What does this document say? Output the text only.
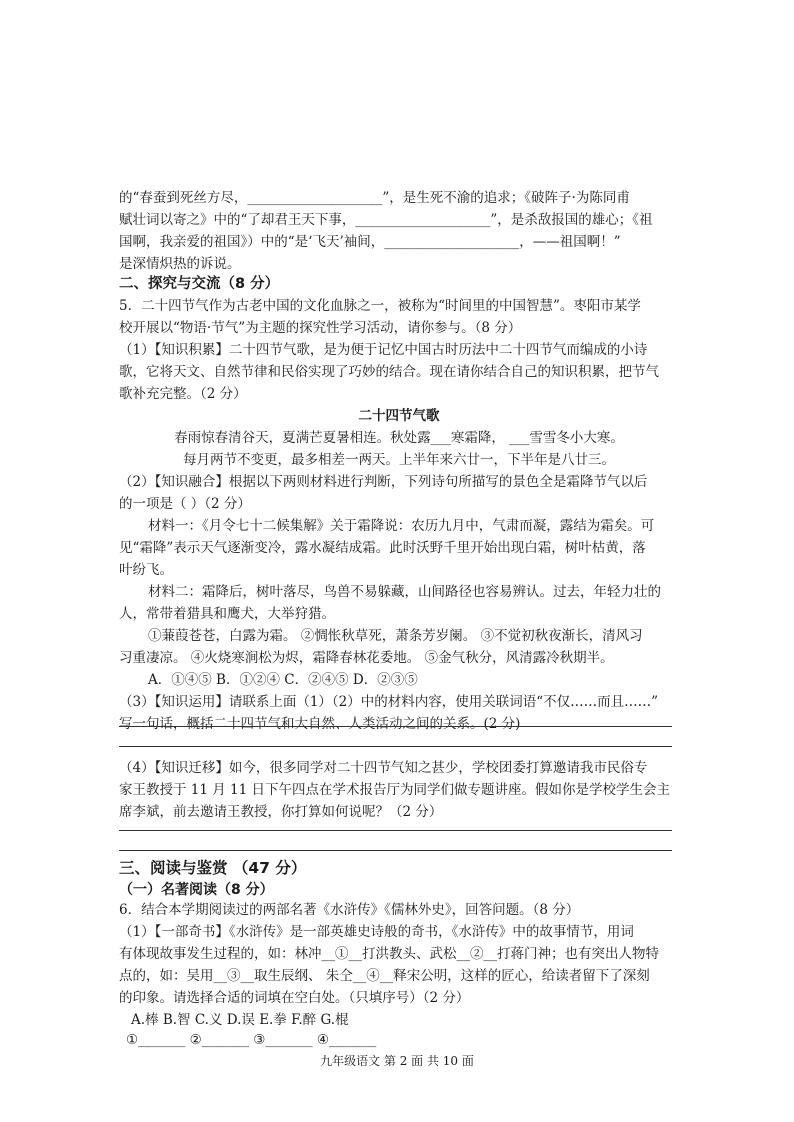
的“春蚕到死丝方尽，____________________”，是生死不渝的追求；《破阵子·为陈同甫
赋壮词以寄之》中的“了却君王天下事，____________________”，是杀敌报国的雄心；《祖
国啊，我亲爱的祖国》）中的“是‘飞天’袖间，____________________，——祖国啊！”
是深情炽热的诉说。
二、探究与交流（8 分）
5．二十四节气作为古老中国的文化血脉之一，被称为“时间里的中国智慧”。枣阳市某学
校开展以“物语·节气”为主题的探究性学习活动，请你参与。（8 分）
（1）【知识积累】二十四节气歌，是为便于记忆中国古时历法中二十四节气而编成的小诗
歌，它将天文、自然节律和民俗实现了巧妙的结合。现在请你结合自己的知识积累，把节气
歌补充完整。（2 分）
二十四节气歌
春雨惊春清谷天，夏满芒夏暑相连。秋处露___寒霜降， ___雪雪冬小大寒。
每月两节不变更，最多相差一两天。上半年来六廿一，下半年是八廿三。
（2）【知识融合】根据以下两则材料进行判断，下列诗句所描写的景色全是霜降节气以后
的一项是（ ）（2 分）
材料一：《月令七十二候集解》关于霜降说：农历九月中，气肃而凝，露结为霜矣。可
见“霜降”表示天气逐渐变冷，露水凝结成霜。此时沃野千里开始出现白霜，树叶枯黄，落
叶纷飞。
材料二：霜降后，树叶落尽，鸟兽不易躲藏，山间路径也容易辨认。过去，年轻力壮的
人，常带着猎具和鹰犬，大举狩猎。
①蒹葭苍苍，白露为霜。 ②惆怅秋草死，萧条芳岁阑。 ③不觉初秋夜渐长，清风习
习重凄凉。 ④火烧寒涧松为烬，霜降春林花委地。 ⑤金气秋分，风清露冷秋期半。
A．①④⑤ B．①②④ C．②④⑤ D．②③⑤
（3）【知识运用】请联系上面（1）（2）中的材料内容，使用关联词语“不仅……而且……”
写一句话，概括二十四节气和大自然、人类活动之间的关系。(2 分)
（4）【知识迁移】如今，很多同学对二十四节气知之甚少，学校团委打算邀请我市民俗专
家王教授于 11 月 11 日下午四点在学术报告厅为同学们做专题讲座。假如你是学校学生会主
席李斌，前去邀请王教授，你打算如何说呢？（2 分）
三、阅读与鉴赏 （47 分）
（一）名著阅读（8 分）
6．结合本学期阅读过的两部名著《水浒传》《儒林外史》，回答问题。（8 分）
（1）【一部奇书】《水浒传》是一部英雄史诗般的奇书，《水浒传》中的故事情节，用词
有体现故事发生过程的，如：林冲__①__打洪教头、武松__②__打蒋门神；也有突出人物特
点的，如：吴用__③__取生辰纲、 朱仝__④__释宋公明，这样的匠心，给读者留下了深刻
的印象。请选择合适的词填在空白处。（只填序号）（2 分）
A.棒 B.智 C.义 D.误 E.拳 F.醉 G.棍
①_______ ②_______ ③_______ ④_______
九年级语文 第 2 面 共 10 面
